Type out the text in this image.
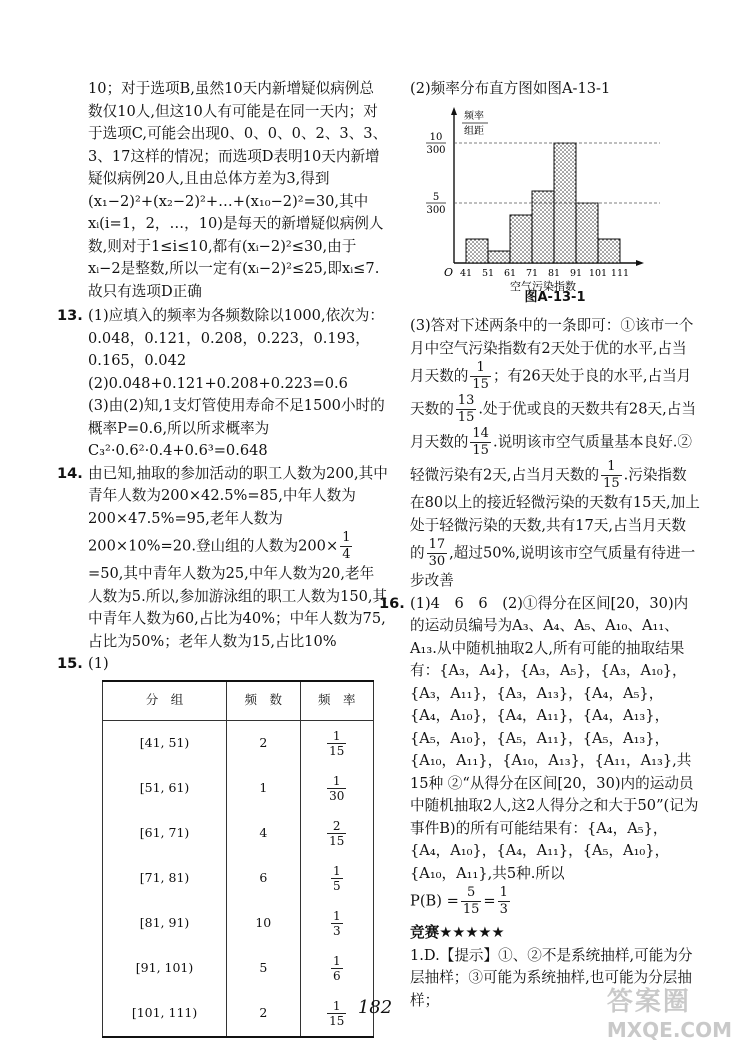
10；对于选项B,虽然10天内新增疑似病例总数仅10人,但这10人有可能是在同一天内；对于选项C,可能会出现0、0、0、0、2、3、3、3、17这样的情况；而选项D表明10天内新增疑似病例20人,且由总体方差为3,得到(x₁−2)²+(x₂−2)²+…+(x₁₀−2)²=30,其中xᵢ(i=1，2，…，10)是每天的新增疑似病例人数,则对于1≤i≤10,都有(xᵢ−2)²≤30,由于xᵢ−2是整数,所以一定有(xᵢ−2)²≤25,即xᵢ≤7.故只有选项D正确

13. (1)应填入的频率为各频数除以1000,依次为：0.048，0.121，0.208，0.223，0.193，0.165，0.042

(2)0.048+0.121+0.208+0.223=0.6

(3)由(2)知,1支灯管使用寿命不足1500小时的概率P=0.6,所以所求概率为C₃²·0.6²·0.4+0.6³=0.648

14. 由已知,抽取的参加活动的职工人数为200,其中青年人数为200×42.5%=85,中年人数为200×47.5%=95,老年人数为200×10%=20.登山组的人数为$200\times \frac{1}{4}$
=50,其中青年人数为25,中年人数为20,老年人数为5.所以,参加游泳组的职工人数为150,其中青年人数为60,占比为40%；中年人数为75,占比为50%；老年人数为15,占比10%

15. (1)

分　组	频　数	频　率
[41, 51)	2	$\frac{1}{15}$

[51, 61)	1	$\frac{1}{30}$

[61, 71)	4	$\frac{2}{15}$

[71, 81)	6	$\frac{1}{5}$

[81, 91)	10	$\frac{1}{3}$

[91, 101)	5	$\frac{1}{6}$

[101, 111)	2	$\frac{1}{15}$

(2)频率分布直方图如图A-13-1

5
300
10
300
频率
组距
41 51 61 71 81 91 101 111
O
空气污染指数

图A-13-1

(3)答对下述两条中的一条即可：①该市一个月中空气污染指数有2天处于优的水平,占当月天数的 $\frac{1}{15}$ ；有26天处于良的水平,占当月天数的 $\frac{13}{15}$ .处于优或良的天数共有28天,占当月天数的 $\frac{14}{15}$ .说明该市空气质量基本良好.②轻微污染有2天,占当月天数的 $\frac{1}{15}$ .污染指数在80以上的接近轻微污染的天数有15天,加上处于轻微污染的天数,共有17天,占当月天数的 $\frac{17}{30}$ ,超过50%,说明该市空气质量有待进一步改善

16. (1)4　6　6　(2)①得分在区间[20，30)内的运动员编号为A₃、A₄、A₅、A₁₀、A₁₁、A₁₃.从中随机抽取2人,所有可能的抽取结果有：{A₃，A₄}，{A₃，A₅}，{A₃，A₁₀}，{A₃，A₁₁}，{A₃，A₁₃}，{A₄，A₅}，{A₄，A₁₀}，{A₄，A₁₁}，{A₄，A₁₃}，{A₅，A₁₀}，{A₅，A₁₁}，{A₅，A₁₃}，{A₁₀，A₁₁}，{A₁₀，A₁₃}，{A₁₁，A₁₃},共15种 ②“从得分在区间[20，30)内的运动员中随机抽取2人,这2人得分之和大于50”(记为事件B)的所有可能结果有：{A₄，A₅}，{A₄，A₁₀}，{A₄，A₁₁}，{A₅，A₁₀}，{A₁₀，A₁₁},共5种.所以

$P(B) = \frac{5}{15} = \frac{1}{3}$

竞赛★★★★★

1.D.【提示】①、②不是系统抽样,可能为分层抽样；③可能为系统抽样,也可能为分层抽样；

182	答案圈
MXQE.COM
